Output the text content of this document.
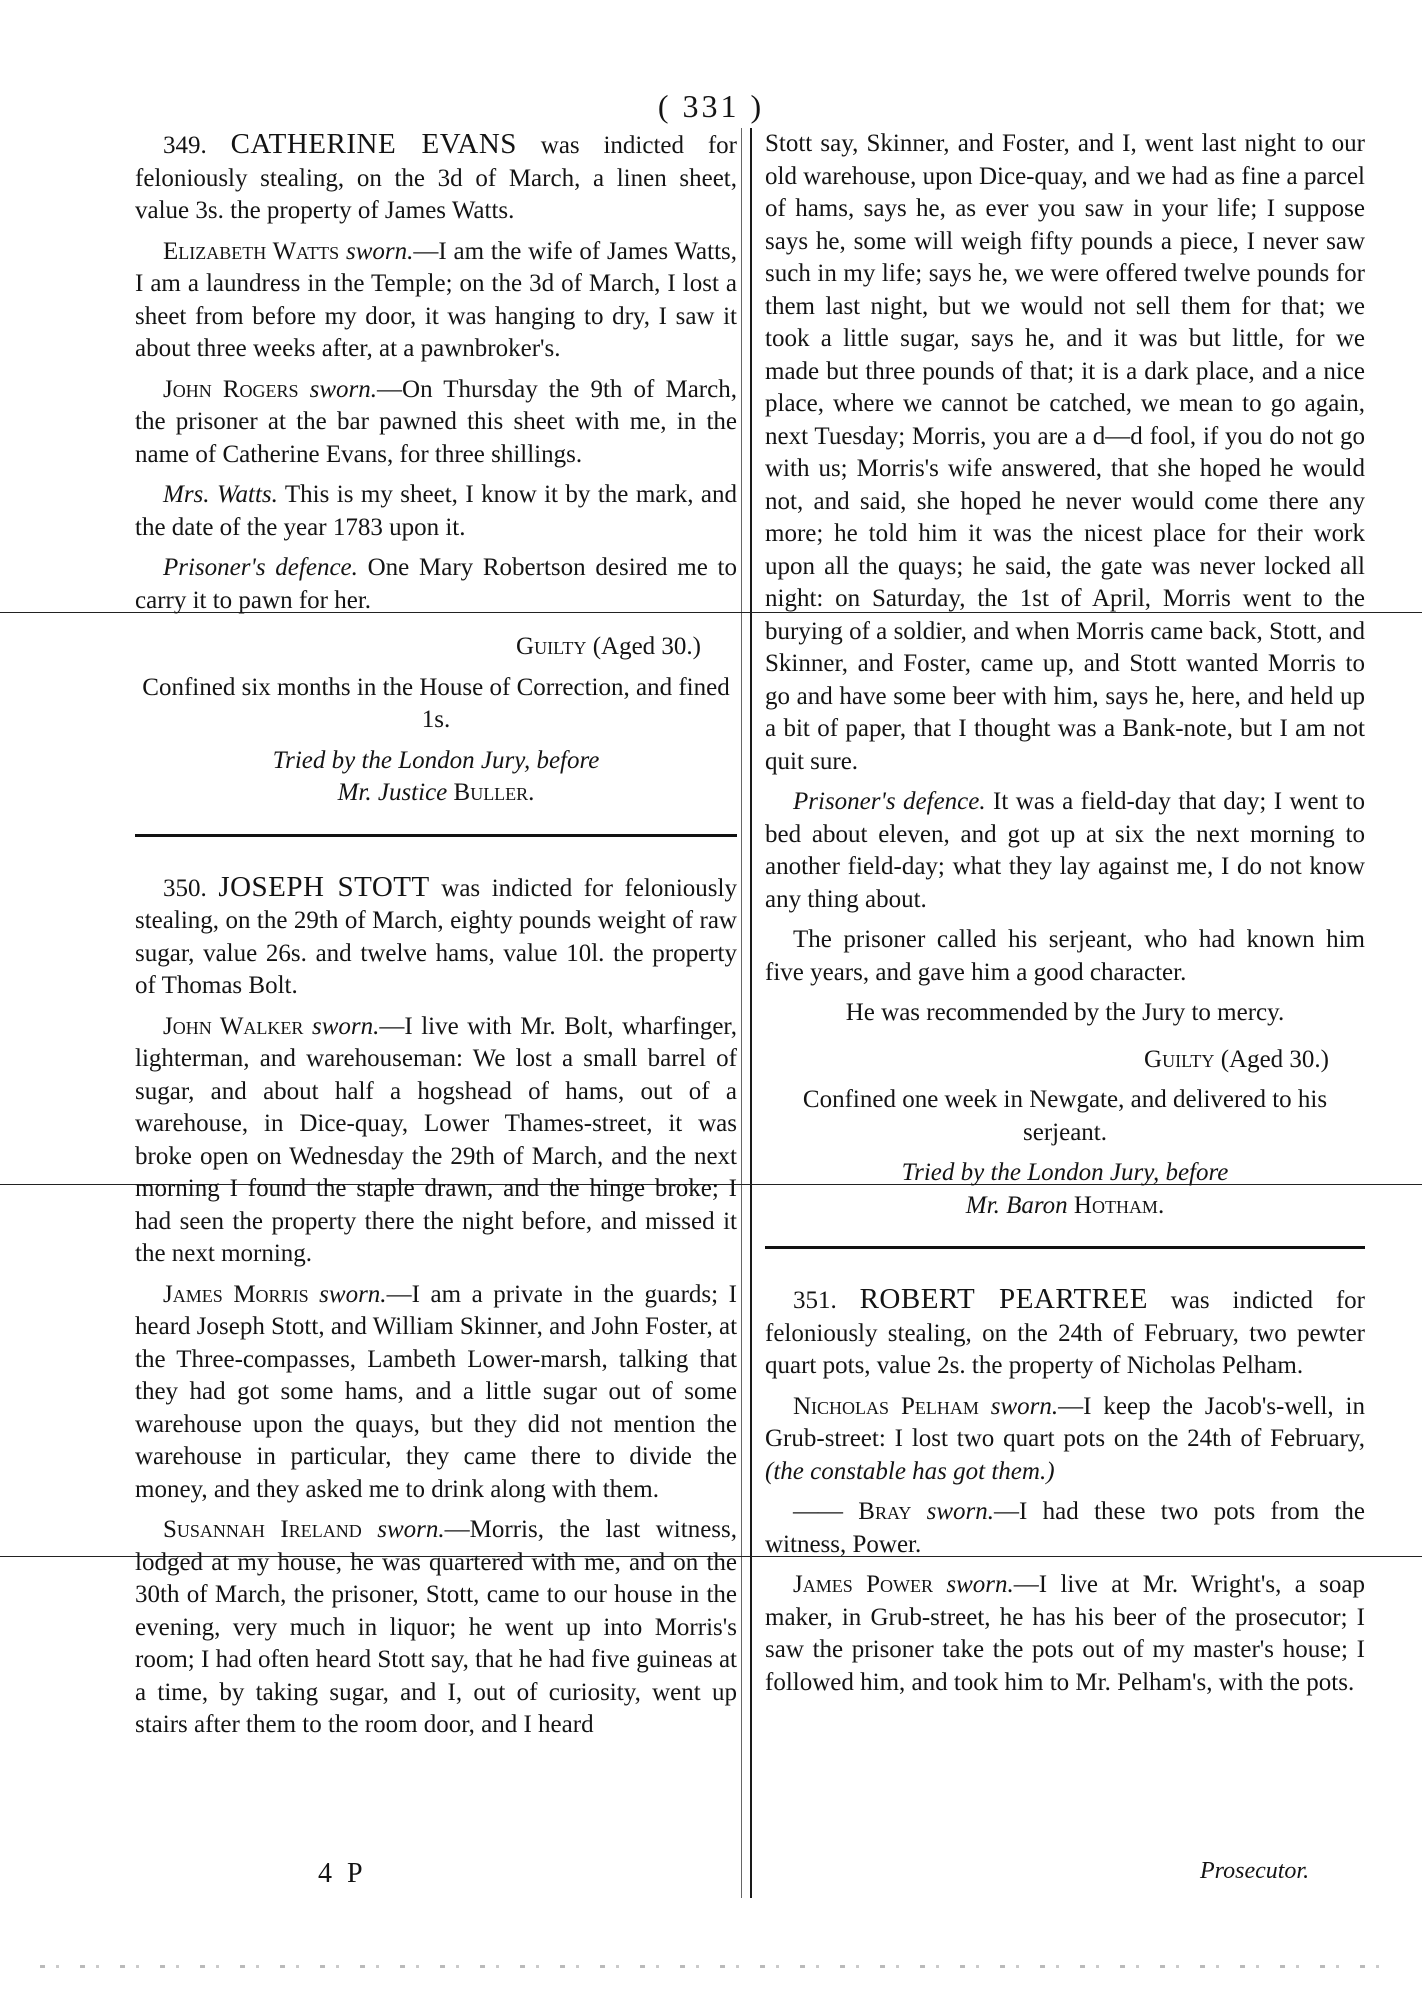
( 331 )

349. CATHERINE EVANS was indicted for feloniously stealing, on the 3d of March, a linen sheet, value 3s. the property of James Watts.

Elizabeth Watts sworn.—I am the wife of James Watts, I am a laundress in the Temple; on the 3d of March, I lost a sheet from before my door, it was hanging to dry, I saw it about three weeks after, at a pawnbroker's.

John Rogers sworn.—On Thursday the 9th of March, the prisoner at the bar pawned this sheet with me, in the name of Catherine Evans, for three shillings.

Mrs. Watts. This is my sheet, I know it by the mark, and the date of the year 1783 upon it.

Prisoner's defence. One Mary Robertson desired me to carry it to pawn for her.

Guilty (Aged 30.)

Confined six months in the House of Correction, and fined 1s.

Tried by the London Jury, before
Mr. Justice Buller.

350. JOSEPH STOTT was indicted for feloniously stealing, on the 29th of March, eighty pounds weight of raw sugar, value 26s. and twelve hams, value 10l. the property of Thomas Bolt.

John Walker sworn.—I live with Mr. Bolt, wharfinger, lighterman, and warehouseman: We lost a small barrel of sugar, and about half a hogshead of hams, out of a warehouse, in Dice-quay, Lower Thames-street, it was broke open on Wednesday the 29th of March, and the next morning I found the staple drawn, and the hinge broke; I had seen the property there the night before, and missed it the next morning.

James Morris sworn.—I am a private in the guards; I heard Joseph Stott, and William Skinner, and John Foster, at the Three-compasses, Lambeth Lower-marsh, talking that they had got some hams, and a little sugar out of some warehouse upon the quays, but they did not mention the warehouse in particular, they came there to divide the money, and they asked me to drink along with them.

Susannah Ireland sworn.—Morris, the last witness, lodged at my house, he was quartered with me, and on the 30th of March, the prisoner, Stott, came to our house in the evening, very much in liquor; he went up into Morris's room; I had often heard Stott say, that he had five guineas at a time, by taking sugar, and I, out of curiosity, went up stairs after them to the room door, and I heard

Stott say, Skinner, and Foster, and I, went last night to our old warehouse, upon Dice-quay, and we had as fine a parcel of hams, says he, as ever you saw in your life; I suppose says he, some will weigh fifty pounds a piece, I never saw such in my life; says he, we were offered twelve pounds for them last night, but we would not sell them for that; we took a little sugar, says he, and it was but little, for we made but three pounds of that; it is a dark place, and a nice place, where we cannot be catched, we mean to go again, next Tuesday; Morris, you are a d—d fool, if you do not go with us; Morris's wife answered, that she hoped he would not, and said, she hoped he never would come there any more; he told him it was the nicest place for their work upon all the quays; he said, the gate was never locked all night: on Saturday, the 1st of April, Morris went to the burying of a soldier, and when Morris came back, Stott, and Skinner, and Foster, came up, and Stott wanted Morris to go and have some beer with him, says he, here, and held up a bit of paper, that I thought was a Bank-note, but I am not quit sure.

Prisoner's defence. It was a field-day that day; I went to bed about eleven, and got up at six the next morning to another field-day; what they lay against me, I do not know any thing about.

The prisoner called his serjeant, who had known him five years, and gave him a good character.

He was recommended by the Jury to mercy.

Guilty (Aged 30.)

Confined one week in Newgate, and delivered to his serjeant.

Tried by the London Jury, before
Mr. Baron Hotham.

351. ROBERT PEARTREE was indicted for feloniously stealing, on the 24th of February, two pewter quart pots, value 2s. the property of Nicholas Pelham.

Nicholas Pelham sworn.—I keep the Jacob's-well, in Grub-street: I lost two quart pots on the 24th of February, (the constable has got them.)

—— Bray sworn.—I had these two pots from the witness, Power.

James Power sworn.—I live at Mr. Wright's, a soap maker, in Grub-street, he has his beer of the prosecutor; I saw the prisoner take the pots out of my master's house; I followed him, and took him to Mr. Pelham's, with the pots.

4 P	Prosecutor.
